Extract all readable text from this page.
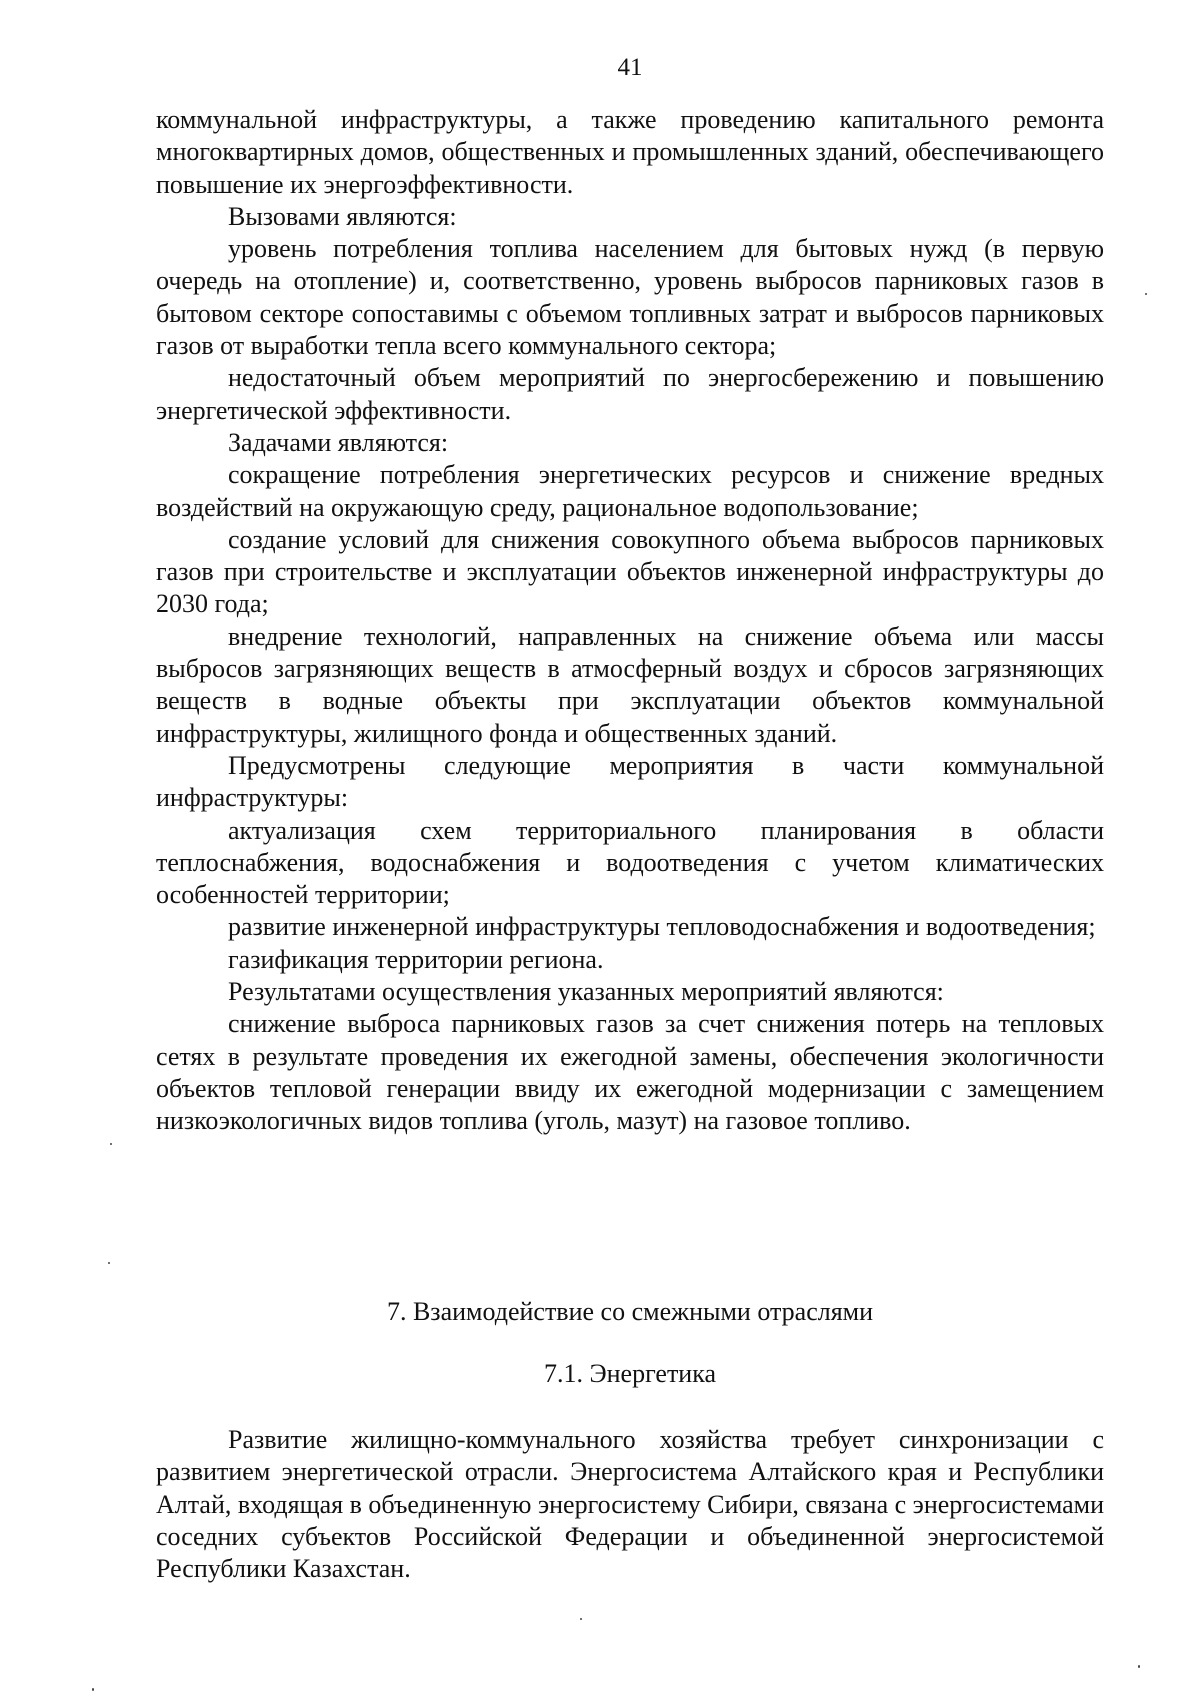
41

коммунальной инфраструктуры, а также проведению капитального ремонта многоквартирных домов, общественных и промышленных зданий, обеспечивающего повышение их энергоэффективности.

Вызовами являются:

уровень потребления топлива населением для бытовых нужд (в первую очередь на отопление) и, соответственно, уровень выбросов парниковых газов в бытовом секторе сопоставимы с объемом топливных затрат и выбросов парниковых газов от выработки тепла всего коммунального сектора;

недостаточный объем мероприятий по энергосбережению и повышению энергетической эффективности.

Задачами являются:

сокращение потребления энергетических ресурсов и снижение вредных воздействий на окружающую среду, рациональное водопользование;

создание условий для снижения совокупного объема выбросов парниковых газов при строительстве и эксплуатации объектов инженерной инфраструктуры до 2030 года;

внедрение технологий, направленных на снижение объема или массы выбросов загрязняющих веществ в атмосферный воздух и сбросов загрязняющих веществ в водные объекты при эксплуатации объектов коммунальной инфраструктуры, жилищного фонда и общественных зданий.

Предусмотрены следующие мероприятия в части коммунальной инфраструктуры:

актуализация схем территориального планирования в области теплоснабжения, водоснабжения и водоотведения с учетом климатических особенностей территории;

развитие инженерной инфраструктуры тепловодоснабжения и водоотведения;

газификация территории региона.

Результатами осуществления указанных мероприятий являются:

снижение выброса парниковых газов за счет снижения потерь на тепловых сетях в результате проведения их ежегодной замены, обеспечения экологичности объектов тепловой генерации ввиду их ежегодной модернизации с замещением низкоэкологичных видов топлива (уголь, мазут) на газовое топливо.

7. Взаимодействие со смежными отраслями
7.1. Энергетика

Развитие жилищно-коммунального хозяйства требует синхронизации с развитием энергетической отрасли. Энергосистема Алтайского края и Республики Алтай, входящая в объединенную энергосистему Сибири, связана с энергосистемами соседних субъектов Российской Федерации и объединенной энергосистемой Республики Казахстан.
